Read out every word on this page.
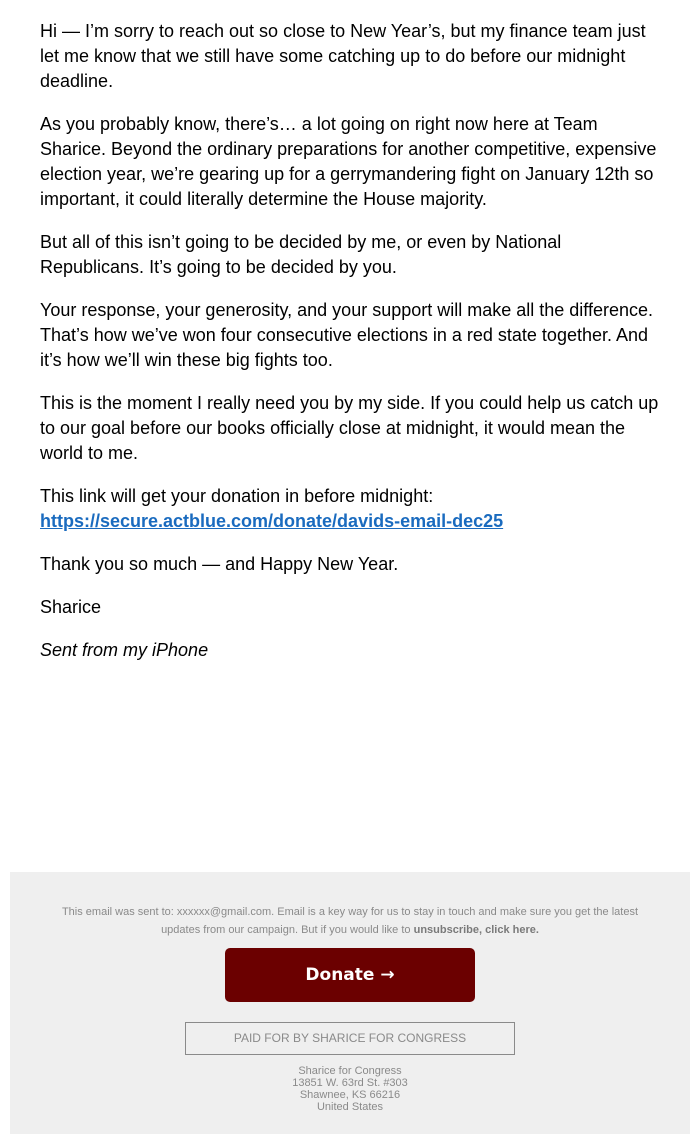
Hi — I’m sorry to reach out so close to New Year’s, but my finance team just let me know that we still have some catching up to do before our midnight deadline.

As you probably know, there’s… a lot going on right now here at Team Sharice. Beyond the ordinary preparations for another competitive, expensive election year, we’re gearing up for a gerrymandering fight on January 12th so important, it could literally determine the House majority.

But all of this isn’t going to be decided by me, or even by National Republicans. It’s going to be decided by you.

Your response, your generosity, and your support will make all the difference. That’s how we’ve won four consecutive elections in a red state together. And it’s how we’ll win these big fights too.

This is the moment I really need you by my side. If you could help us catch up to our goal before our books officially close at midnight, it would mean the world to me.

This link will get your donation in before midnight:
https://secure.actblue.com/donate/davids-email-dec25

Thank you so much — and Happy New Year.

Sharice

Sent from my iPhone

This email was sent to: xxxxxx@gmail.com. Email is a key way for us to stay in touch and make sure you get the latest updates from our campaign. But if you would like to unsubscribe, click here.
Donate →
PAID FOR BY SHARICE FOR CONGRESS
Sharice for Congress
13851 W. 63rd St. #303
Shawnee, KS 66216
United States
